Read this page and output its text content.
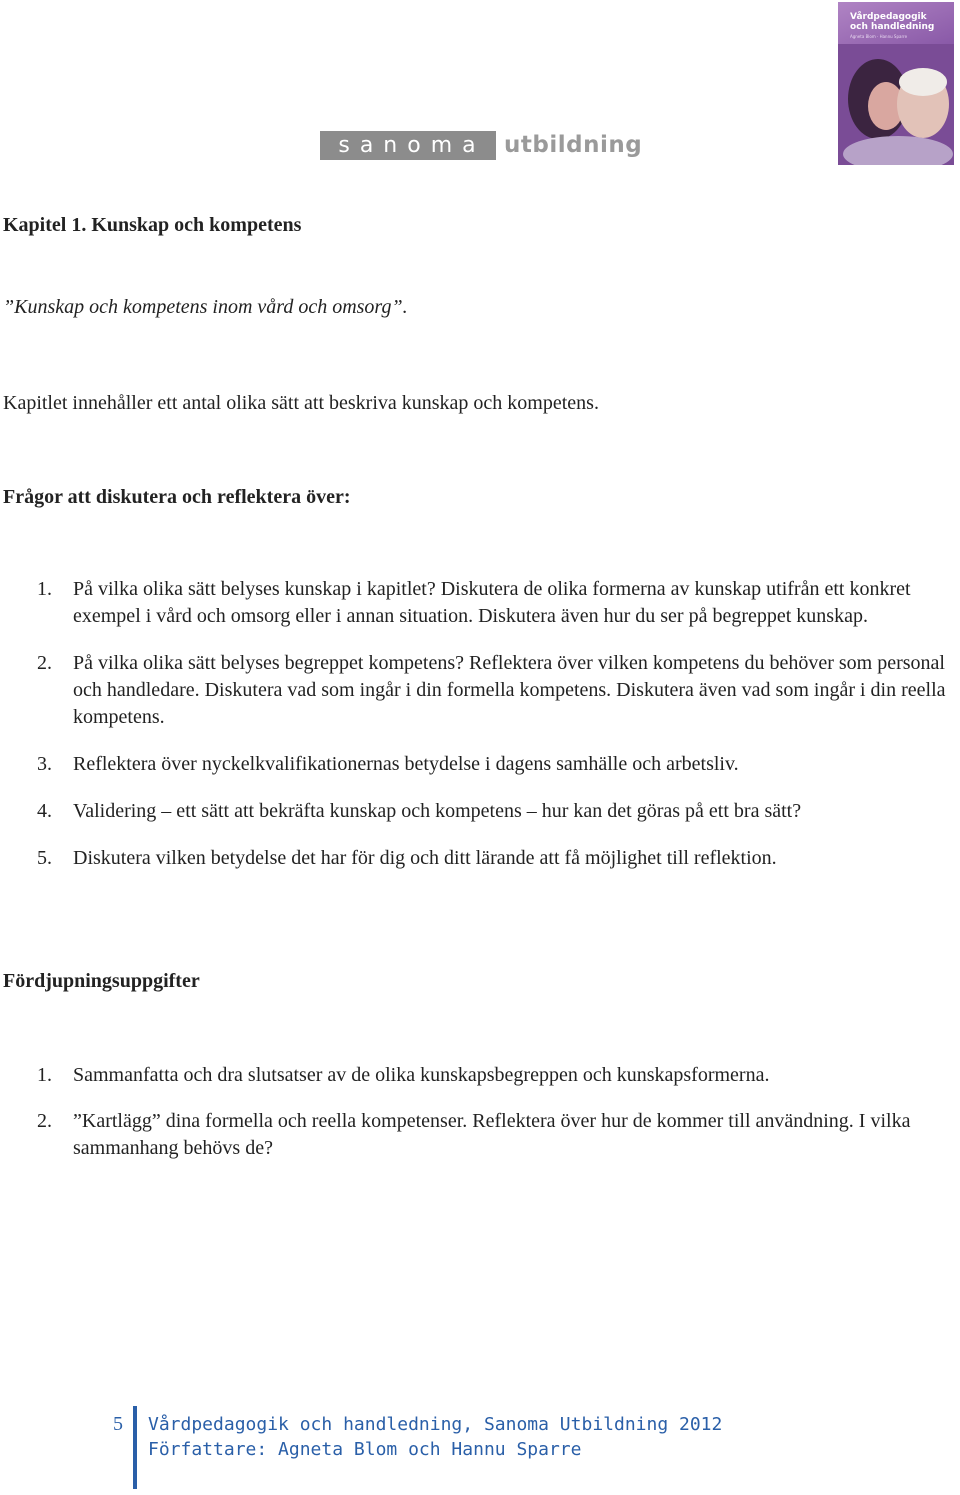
sanoma utbildning
Vårdpedagogik
och handledning
Agneta Blom · Hannu Sparre
Kapitel 1. Kunskap och kompetens
”Kunskap och kompetens inom vård och omsorg”.
Kapitlet innehåller ett antal olika sätt att beskriva kunskap och kompetens.
Frågor att diskutera och reflektera över:
1. På vilka olika sätt belyses kunskap i kapitlet? Diskutera de olika formerna av kunskap utifrån ett konkret exempel i vård och omsorg eller i annan situation. Diskutera även hur du ser på begreppet kunskap.
2. På vilka olika sätt belyses begreppet kompetens? Reflektera över vilken kompetens du behöver som personal och handledare. Diskutera vad som ingår i din formella kompetens. Diskutera även vad som ingår i din reella kompetens.
3. Reflektera över nyckelkvalifikationernas betydelse i dagens samhälle och arbetsliv.
4. Validering – ett sätt att bekräfta kunskap och kompetens – hur kan det göras på ett bra sätt?
5. Diskutera vilken betydelse det har för dig och ditt lärande att få möjlighet till reflektion.
Fördjupningsuppgifter
1. Sammanfatta och dra slutsatser av de olika kunskapsbegreppen och kunskapsformerna.
2. ”Kartlägg” dina formella och reella kompetenser. Reflektera över hur de kommer till användning. I vilka sammanhang behövs de?
5 Vårdpedagogik och handledning, Sanoma Utbildning 2012
Författare: Agneta Blom och Hannu Sparre
